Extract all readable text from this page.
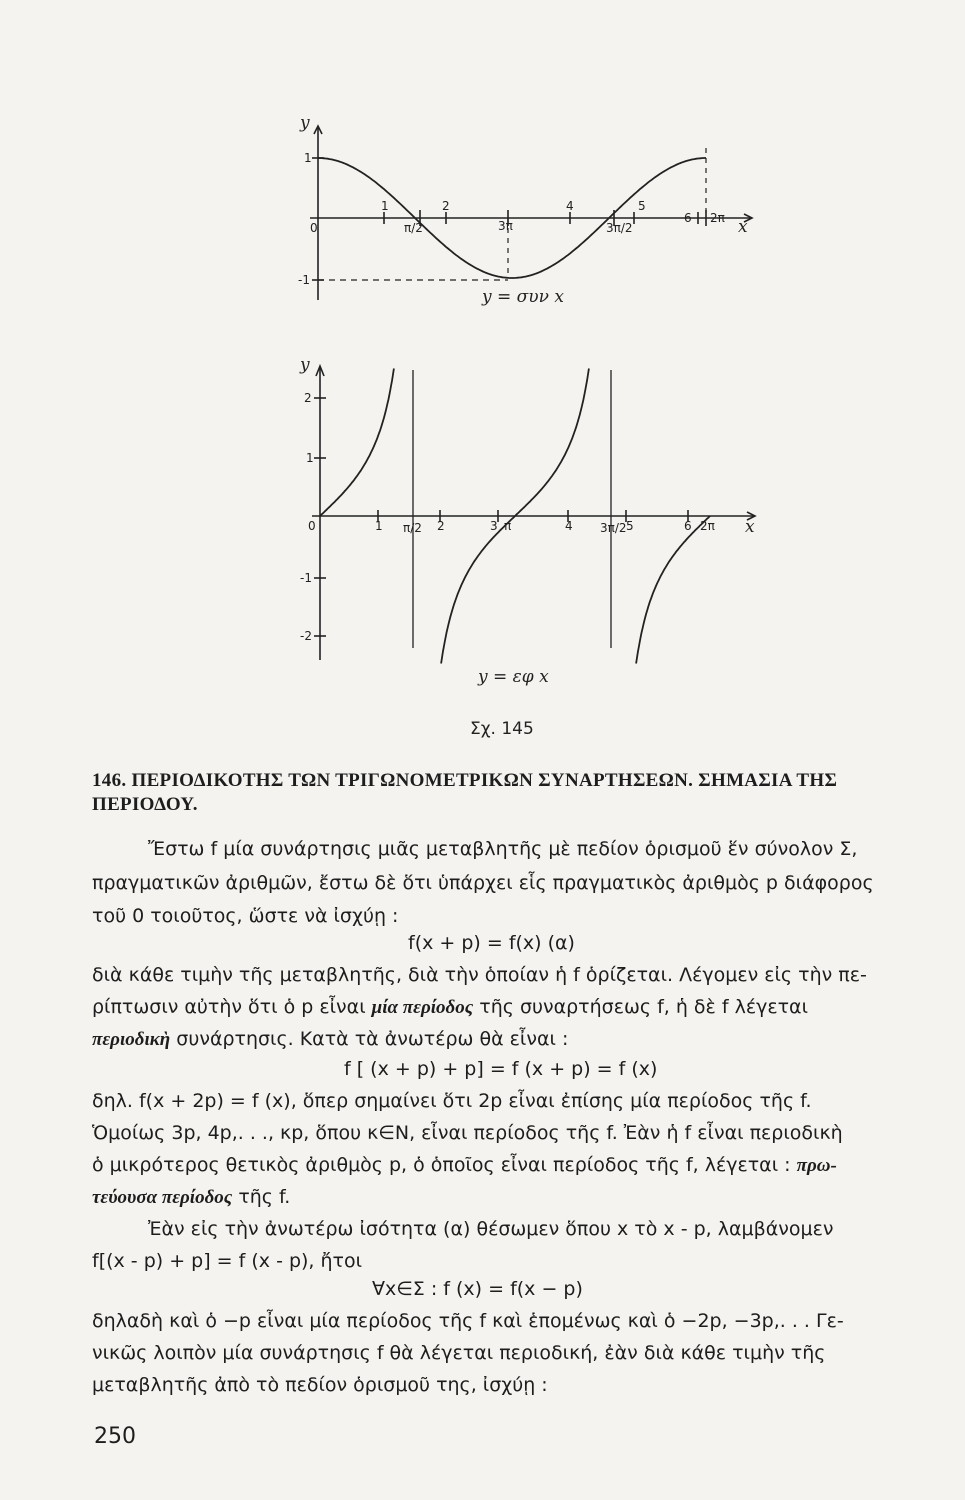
y
x
1
0
-1
1
π/2
2
3π
4
3π/2
5
6 2π
y = συν x
y
x
2
1
0
-1
-2
1 π/2 2	3 π	4 3π/2 5	6 2π
y = εφ x
Σχ. 145
146. ΠΕΡΙΟΔΙΚΟΤΗΣ ΤΩΝ ΤΡΙΓΩΝΟΜΕΤΡΙΚΩΝ ΣΥΝΑΡΤΗΣΕΩΝ. ΣΗΜΑΣΙΑ ΤΗΣ
ΠΕΡΙΟΔΟΥ.
Ἔστω f μία συνάρτησις μιᾶς μεταβλητῆς μὲ πεδίον ὁρισμοῦ ἕν σύνολον Σ,
πραγματικῶν ἀριθμῶν, ἔστω δὲ ὅτι ὑπάρχει εἷς πραγματικὸς ἀριθμὸς p διάφορος
τοῦ 0 τοιοῦτος, ὥστε νὰ ἰσχύῃ :
f(x + p) = f(x) (α)
διὰ κάθε τιμὴν τῆς μεταβλητῆς, διὰ τὴν ὁποίαν ἡ f ὁρίζεται. Λέγομεν εἰς τὴν πε-
ρίπτωσιν αὐτὴν ὅτι ὁ p εἶναι μία περίοδος τῆς συναρτήσεως f, ἡ δὲ f λέγεται
περιοδικὴ συνάρτησις. Κατὰ τὰ ἀνωτέρω θὰ εἶναι :
f [ (x + p) + p] = f (x + p) = f (x)
δηλ. f(x + 2p) = f (x), ὅπερ σημαίνει ὅτι 2p εἶναι ἐπίσης μία περίοδος τῆς f.
Ὁμοίως 3p, 4p,. . ., κp, ὅπου κ∈N, εἶναι περίοδος τῆς f. Ἐὰν ἡ f εἶναι περιοδικὴ
ὁ μικρότερος θετικὸς ἀριθμὸς p, ὁ ὁποῖος εἶναι περίοδος τῆς f, λέγεται : πρω-
τεύουσα περίοδος τῆς f.
Ἐὰν εἰς τὴν ἀνωτέρω ἰσότητα (α) θέσωμεν ὅπου x τὸ x - p, λαμβάνομεν
f[(x - p) + p] = f (x - p), ἤτοι
∀x∈Σ : f (x) = f(x − p)
δηλαδὴ καὶ ὁ −p εἶναι μία περίοδος τῆς f καὶ ἑπομένως καὶ ὁ −2p, −3p,. . . Γε-
νικῶς λοιπὸν μία συνάρτησις f θὰ λέγεται περιοδική, ἐὰν διὰ κάθε τιμὴν τῆς
μεταβλητῆς ἀπὸ τὸ πεδίον ὁρισμοῦ της, ἰσχύῃ :
250
